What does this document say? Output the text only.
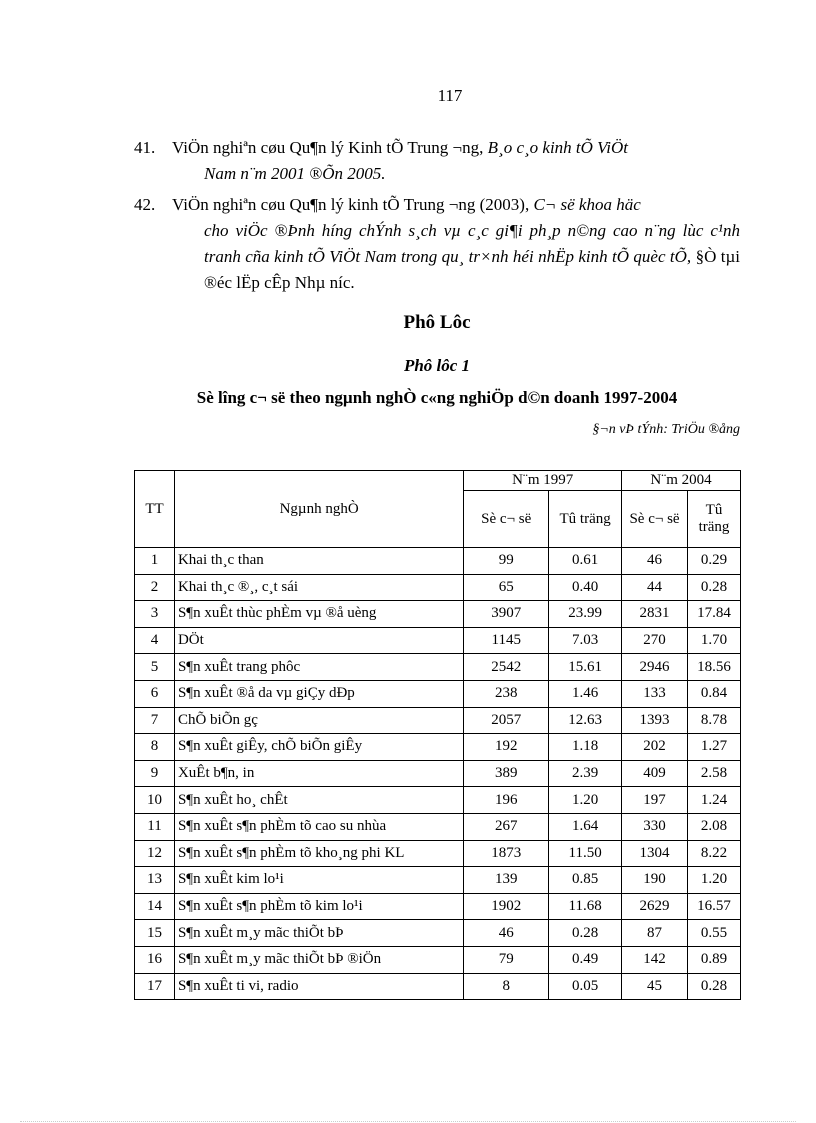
117
41. ViÖn nghiªn cøu Qu¶n lý Kinh tÕ Trung ¬ng, B¸o c¸o kinh tÕ ViÖt
Nam n¨m 2001 ®Õn 2005.
42. ViÖn nghiªn cøu Qu¶n lý kinh tÕ Trung ¬ng (2003), C¬ së khoa häc
cho viÖc ®Þnh híng chÝnh s¸ch vµ c¸c gi¶i ph¸p n©ng cao n¨ng lùc c¹nh tranh cña kinh tÕ ViÖt Nam trong qu¸ tr×nh héi nhËp kinh tÕ quèc tÕ, §Ò tµi ®éc lËp cÊp Nhµ níc.
Phô Lôc
Phô lôc 1
Sè lîng c¬ së theo ngµnh nghÒ c«ng nghiÖp d©n doanh 1997-2004
§¬n vÞ tÝnh: TriÖu ®ång
TT	Ngµnh nghÒ	N¨m 1997		N¨m 2004	
		Sè c¬ së	Tû träng	Sè c¬ së	Tû träng
1	Khai th¸c than	99	0.61	46	0.29
2	Khai th¸c ®¸, c¸t sái	65	0.40	44	0.28
3	S¶n xuÊt thùc phÈm vµ ®å uèng	3907	23.99	2831	17.84
4	DÖt	1145	7.03	270	1.70
5	S¶n xuÊt trang phôc	2542	15.61	2946	18.56
6	S¶n xuÊt ®å da vµ giÇy dÐp	238	1.46	133	0.84
7	ChÕ biÕn gç	2057	12.63	1393	8.78
8	S¶n xuÊt giÊy, chÕ biÕn giÊy	192	1.18	202	1.27
9	XuÊt b¶n, in	389	2.39	409	2.58
10	S¶n xuÊt ho¸ chÊt	196	1.20	197	1.24
11	S¶n xuÊt s¶n phÈm tõ cao su nhùa	267	1.64	330	2.08
12	S¶n xuÊt s¶n phÈm tõ kho¸ng phi KL	1873	11.50	1304	8.22
13	S¶n xuÊt kim lo¹i	139	0.85	190	1.20
14	S¶n xuÊt s¶n phÈm tõ kim lo¹i	1902	11.68	2629	16.57
15	S¶n xuÊt m¸y mãc thiÕt bÞ	46	0.28	87	0.55
16	S¶n xuÊt m¸y mãc thiÕt bÞ ®iÖn	79	0.49	142	0.89
17	S¶n xuÊt ti vi, radio	8	0.05	45	0.28
